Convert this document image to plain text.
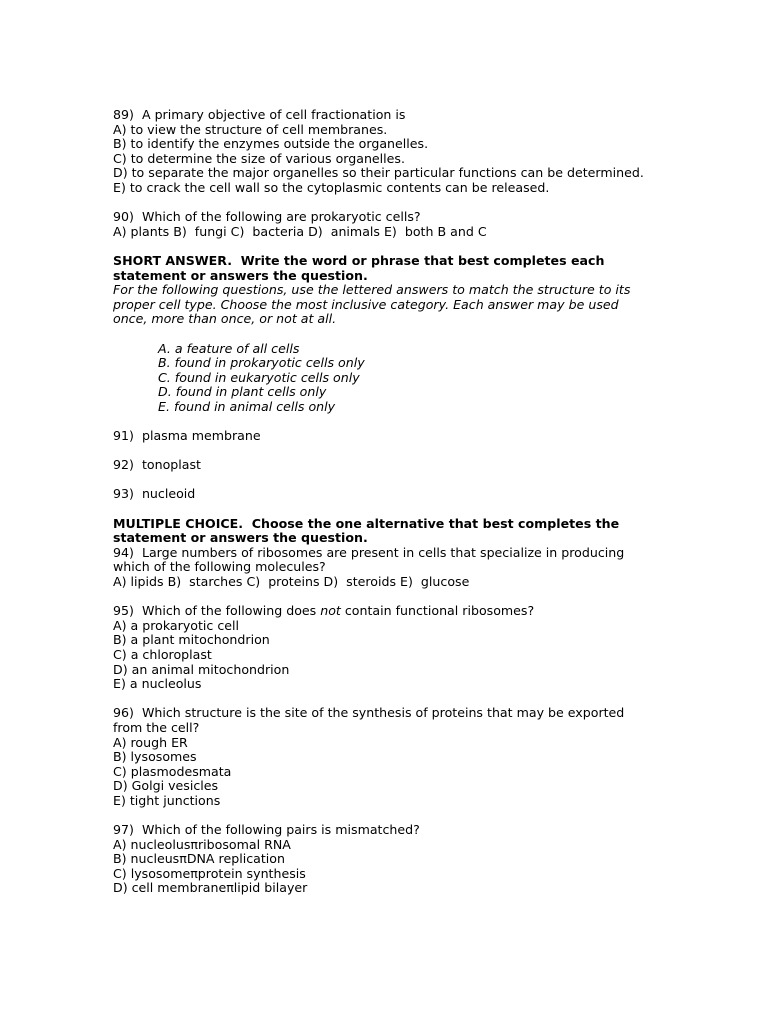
89)  A primary objective of cell fractionation is
A) to view the structure of cell membranes.
B) to identify the enzymes outside the organelles.
C) to determine the size of various organelles.
D) to separate the major organelles so their particular functions can be determined.
E) to crack the cell wall so the cytoplasmic contents can be released.
90)  Which of the following are prokaryotic cells?
A) plants B)  fungi C)  bacteria D)  animals E)  both B and C
SHORT ANSWER.  Write the word or phrase that best completes each
statement or answers the question.
For the following questions, use the lettered answers to match the structure to its
proper cell type. Choose the most inclusive category. Each answer may be used
once, more than once, or not at all.
A. a feature of all cells
B. found in prokaryotic cells only
C. found in eukaryotic cells only
D. found in plant cells only
E. found in animal cells only
91)  plasma membrane
92)  tonoplast
93)  nucleoid
MULTIPLE CHOICE.  Choose the one alternative that best completes the
statement or answers the question.
94)  Large numbers of ribosomes are present in cells that specialize in producing
which of the following molecules?
A) lipids B)  starches C)  proteins D)  steroids E)  glucose
95)  Which of the following does not contain functional ribosomes?
A) a prokaryotic cell
B) a plant mitochondrion
C) a chloroplast
D) an animal mitochondrion
E) a nucleolus
96)  Which structure is the site of the synthesis of proteins that may be exported
from the cell?
A) rough ER
B) lysosomes
C) plasmodesmata
D) Golgi vesicles
E) tight junctions
97)  Which of the following pairs is mismatched?
A) nucleolusπribosomal RNA
B) nucleusπDNA replication
C) lysosomeπprotein synthesis
D) cell membraneπlipid bilayer
